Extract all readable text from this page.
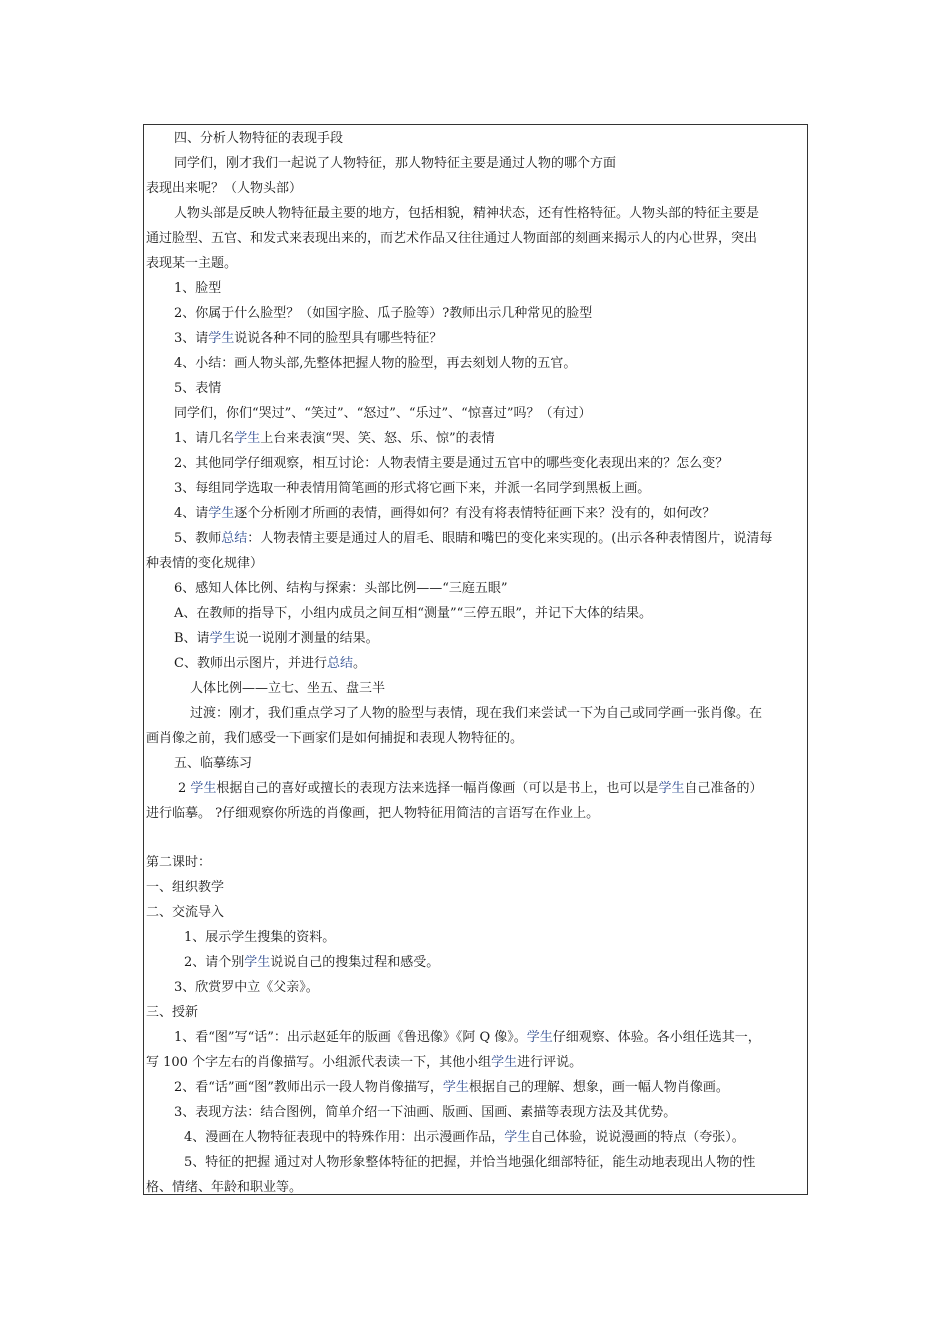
四、分析人物特征的表现手段
同学们，刚才我们一起说了人物特征，那人物特征主要是通过人物的哪个方面
表现出来呢？（人物头部）
人物头部是反映人物特征最主要的地方，包括相貌，精神状态，还有性格特征。人物头部的特征主要是
通过脸型、五官、和发式来表现出来的，而艺术作品又往往通过人物面部的刻画来揭示人的内心世界，突出
表现某一主题。
1、脸型
2、你属于什么脸型？（如国字脸、瓜子脸等）?教师出示几种常见的脸型
3、请学生说说各种不同的脸型具有哪些特征？
4、小结：画人物头部,先整体把握人物的脸型，再去刻划人物的五官。
5、表情
同学们，你们“哭过”、“笑过”、“怒过”、“乐过”、“惊喜过”吗？（有过）
1、请几名学生上台来表演“哭、笑、怒、乐、惊”的表情
2、其他同学仔细观察，相互讨论：人物表情主要是通过五官中的哪些变化表现出来的？怎么变？
3、每组同学选取一种表情用简笔画的形式将它画下来，并派一名同学到黑板上画。
4、请学生逐个分析刚才所画的表情，画得如何？有没有将表情特征画下来？没有的，如何改？
5、教师总结：人物表情主要是通过人的眉毛、眼睛和嘴巴的变化来实现的。(出示各种表情图片，说清每
种表情的变化规律）
6、感知人体比例、结构与探索：头部比例——“三庭五眼”
A、在教师的指导下，小组内成员之间互相“测量”“三停五眼”，并记下大体的结果。
B、请学生说一说刚才测量的结果。
C、教师出示图片，并进行总结。
人体比例——立七、坐五、盘三半
过渡：刚才，我们重点学习了人物的脸型与表情，现在我们来尝试一下为自己或同学画一张肖像。在
画肖像之前，我们感受一下画家们是如何捕捉和表现人物特征的。
五、临摹练习
2 学生根据自己的喜好或擅长的表现方法来选择一幅肖像画（可以是书上，也可以是学生自己准备的）
进行临摹。 ?仔细观察你所选的肖像画，把人物特征用简洁的言语写在作业上。
第二课时：
一、组织教学
二、交流导入
1、展示学生搜集的资料。
2、请个别学生说说自己的搜集过程和感受。
3、欣赏罗中立《父亲》。
三、授新
1、看“图”写“话”：出示赵延年的版画《鲁迅像》《阿 Q 像》。学生仔细观察、体验。各小组任选其一，
写 100 个字左右的肖像描写。小组派代表读一下，其他小组学生进行评说。
2、看“话”画“图”教师出示一段人物肖像描写，学生根据自己的理解、想象，画一幅人物肖像画。
3、表现方法：结合图例，简单介绍一下油画、版画、国画、素描等表现方法及其优势。
4、漫画在人物特征表现中的特殊作用：出示漫画作品，学生自己体验，说说漫画的特点（夸张）。
5、特征的把握 通过对人物形象整体特征的把握，并恰当地强化细部特征，能生动地表现出人物的性
格、情绪、年龄和职业等。
